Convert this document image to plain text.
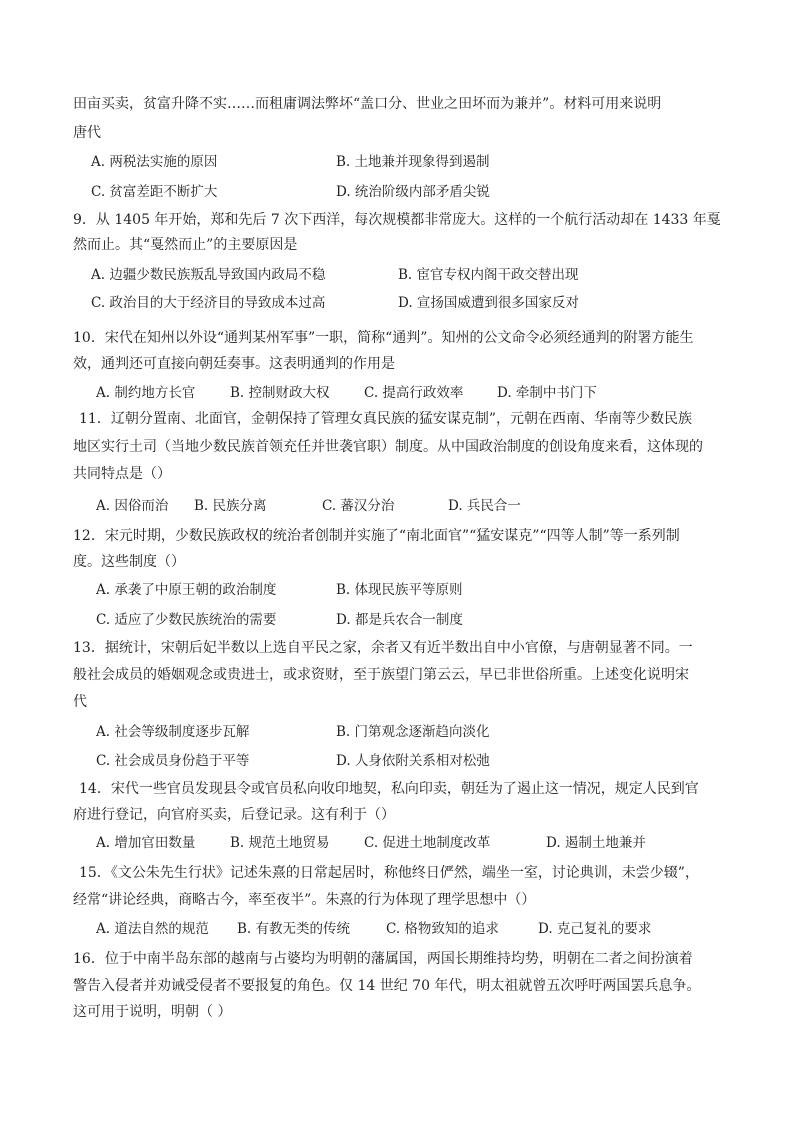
田亩买卖，贫富升降不实……而租庸调法弊坏“盖口分、世业之田坏而为兼并”。材料可用来说明
唐代
A. 两税法实施的原因	B. 土地兼并现象得到遏制
C. 贫富差距不断扩大	D. 统治阶级内部矛盾尖锐
9．从 1405 年开始，郑和先后 7 次下西洋，每次规模都非常庞大。这样的一个航行活动却在 1433 年戛
然而止。其“戛然而止”的主要原因是
A. 边疆少数民族叛乱导致国内政局不稳	B. 宦官专权内阁干政交替出现
C. 政治目的大于经济目的导致成本过高	D. 宣扬国威遭到很多国家反对
10．宋代在知州以外设“通判某州军事”一职，简称“通判”。知州的公文命令必须经通判的附署方能生
效，通判还可直接向朝廷奏事。这表明通判的作用是
A. 制约地方长官	B. 控制财政大权	C. 提高行政效率 D. 牵制中书门下
11．辽朝分置南、北面官，金朝保持了管理女真民族的猛安谋克制”，元朝在西南、华南等少数民族
地区实行土司（当地少数民族首领充任并世袭官职）制度。从中国政治制度的创设角度来看，这体现的
共同特点是（）
A. 因俗而治 B. 民族分离	C. 蕃汉分治	D. 兵民合一
12．宋元时期，少数民族政权的统治者创制并实施了“南北面官”“猛安谋克”“四等人制”等一系列制
度。这些制度（）
A. 承袭了中原王朝的政治制度	B. 体现民族平等原则
C. 适应了少数民族统治的需要	D. 都是兵农合一制度
13．据统计，宋朝后妃半数以上选自平民之家，余者又有近半数出自中小官僚，与唐朝显著不同。一
般社会成员的婚姻观念或贵进士，或求资财，至于族望门第云云，早已非世俗所重。上述变化说明宋
代
A. 社会等级制度逐步瓦解	B. 门第观念逐渐趋向淡化
C. 社会成员身份趋于平等	D. 人身依附关系相对松弛
14．宋代一些官员发现县令或官员私向收印地契，私向印卖，朝廷为了遏止这一情况，规定人民到官
府进行登记，向官府买卖，后登记录。这有利于（）
A. 增加官田数量	B. 规范土地贸易	C. 促进土地制度改革	D. 遏制土地兼并
15．《文公朱先生行状》记述朱熹的日常起居时，称他终日俨然，端坐一室，讨论典训，未尝少辍”，
经常“讲论经典，商略古今，率至夜半”。朱熹的行为体现了理学思想中（）
A. 道法自然的规范 B. 有教无类的传统	C. 格物致知的追求	D. 克己复礼的要求
16．位于中南半岛东部的越南与占婆均为明朝的藩属国，两国长期维持均势，明朝在二者之间扮演着
警告入侵者并劝诫受侵者不要报复的角色。仅 14 世纪 70 年代，明太祖就曾五次呼吁两国罢兵息争。
这可用于说明，明朝（ ）
